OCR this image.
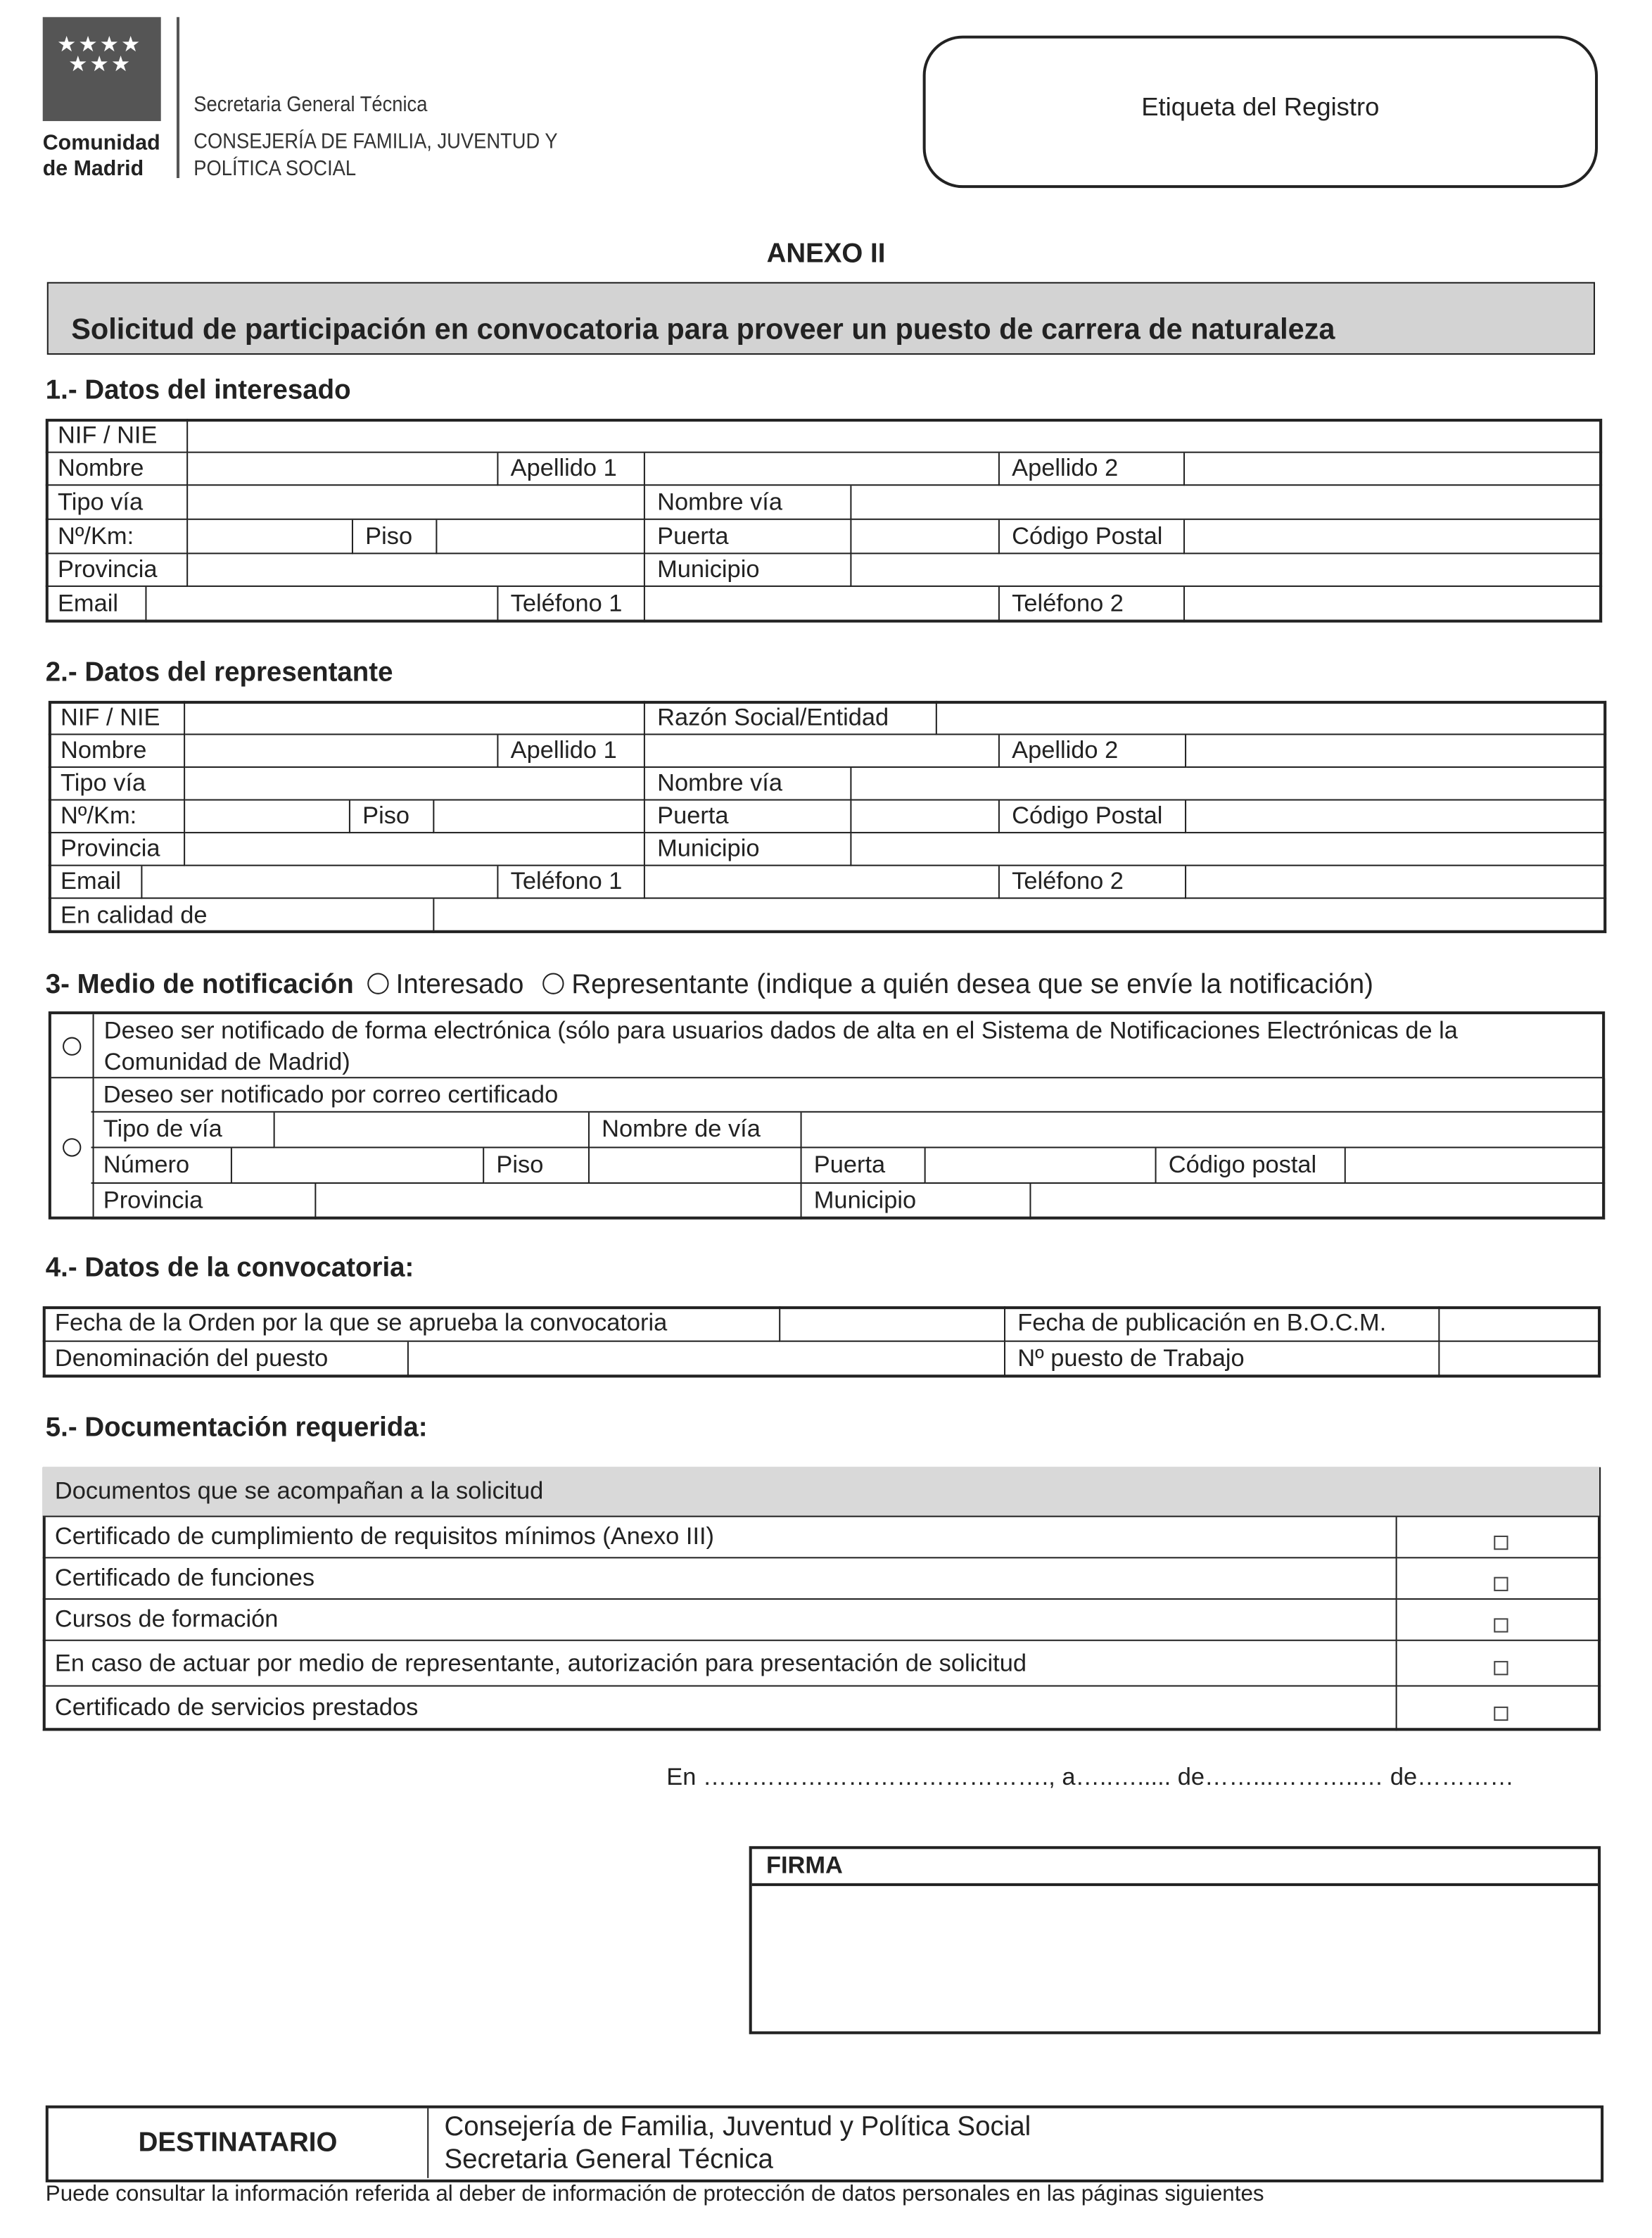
★ ★ ★ ★
★ ★ ★
Comunidad
de Madrid
Secretaria General Técnica
CONSEJERÍA DE FAMILIA, JUVENTUD Y
POLÍTICA SOCIAL
Etiqueta del Registro
ANEXO II
Solicitud de participación en convocatoria para proveer un puesto de carrera de naturaleza
1.- Datos del interesado
2.- Datos del representante
3- Medio de notificación	Interesado	Representante (indique a quién desea que se envíe la notificación)
4.- Datos de la convocatoria:
5.- Documentación requerida:
NIF / NIE
Nombre	Apellido 1	Apellido 2
Tipo vía	Nombre vía
Nº/Km:	Piso	Puerta	Código Postal
Provincia	Municipio
Email	Teléfono 1	Teléfono 2
NIF / NIE	Razón Social/Entidad
Nombre	Apellido 1	Apellido 2
Tipo vía	Nombre vía
Nº/Km:	Piso	Puerta	Código Postal
Provincia	Municipio
Email	Teléfono 1	Teléfono 2
En calidad de
Deseo ser notificado por correo certificado
Tipo de vía	Nombre de vía
Número	Piso	Puerta	Código postal
Provincia	Municipio
Deseo ser notificado de forma electrónica (sólo para usuarios dados de alta en el Sistema de Notificaciones Electrónicas de la
Comunidad de Madrid)
Fecha de la Orden por la que se aprueba la convocatoria	Fecha de publicación en B.O.C.M.
Denominación del puesto	Nº puesto de Trabajo
Documentos que se acompañan a la solicitud
Certificado de cumplimiento de requisitos mínimos (Anexo III)
Certificado de funciones
Cursos de formación
En caso de actuar por medio de representante, autorización para presentación de solicitud
Certificado de servicios prestados
En ……………………………………., a…..…..... de……...………..… de…………
FIRMA
DESTINATARIO
Consejería de Familia, Juventud y Política Social
Secretaria General Técnica
Puede consultar la información referida al deber de información de protección de datos personales en las páginas siguientes
